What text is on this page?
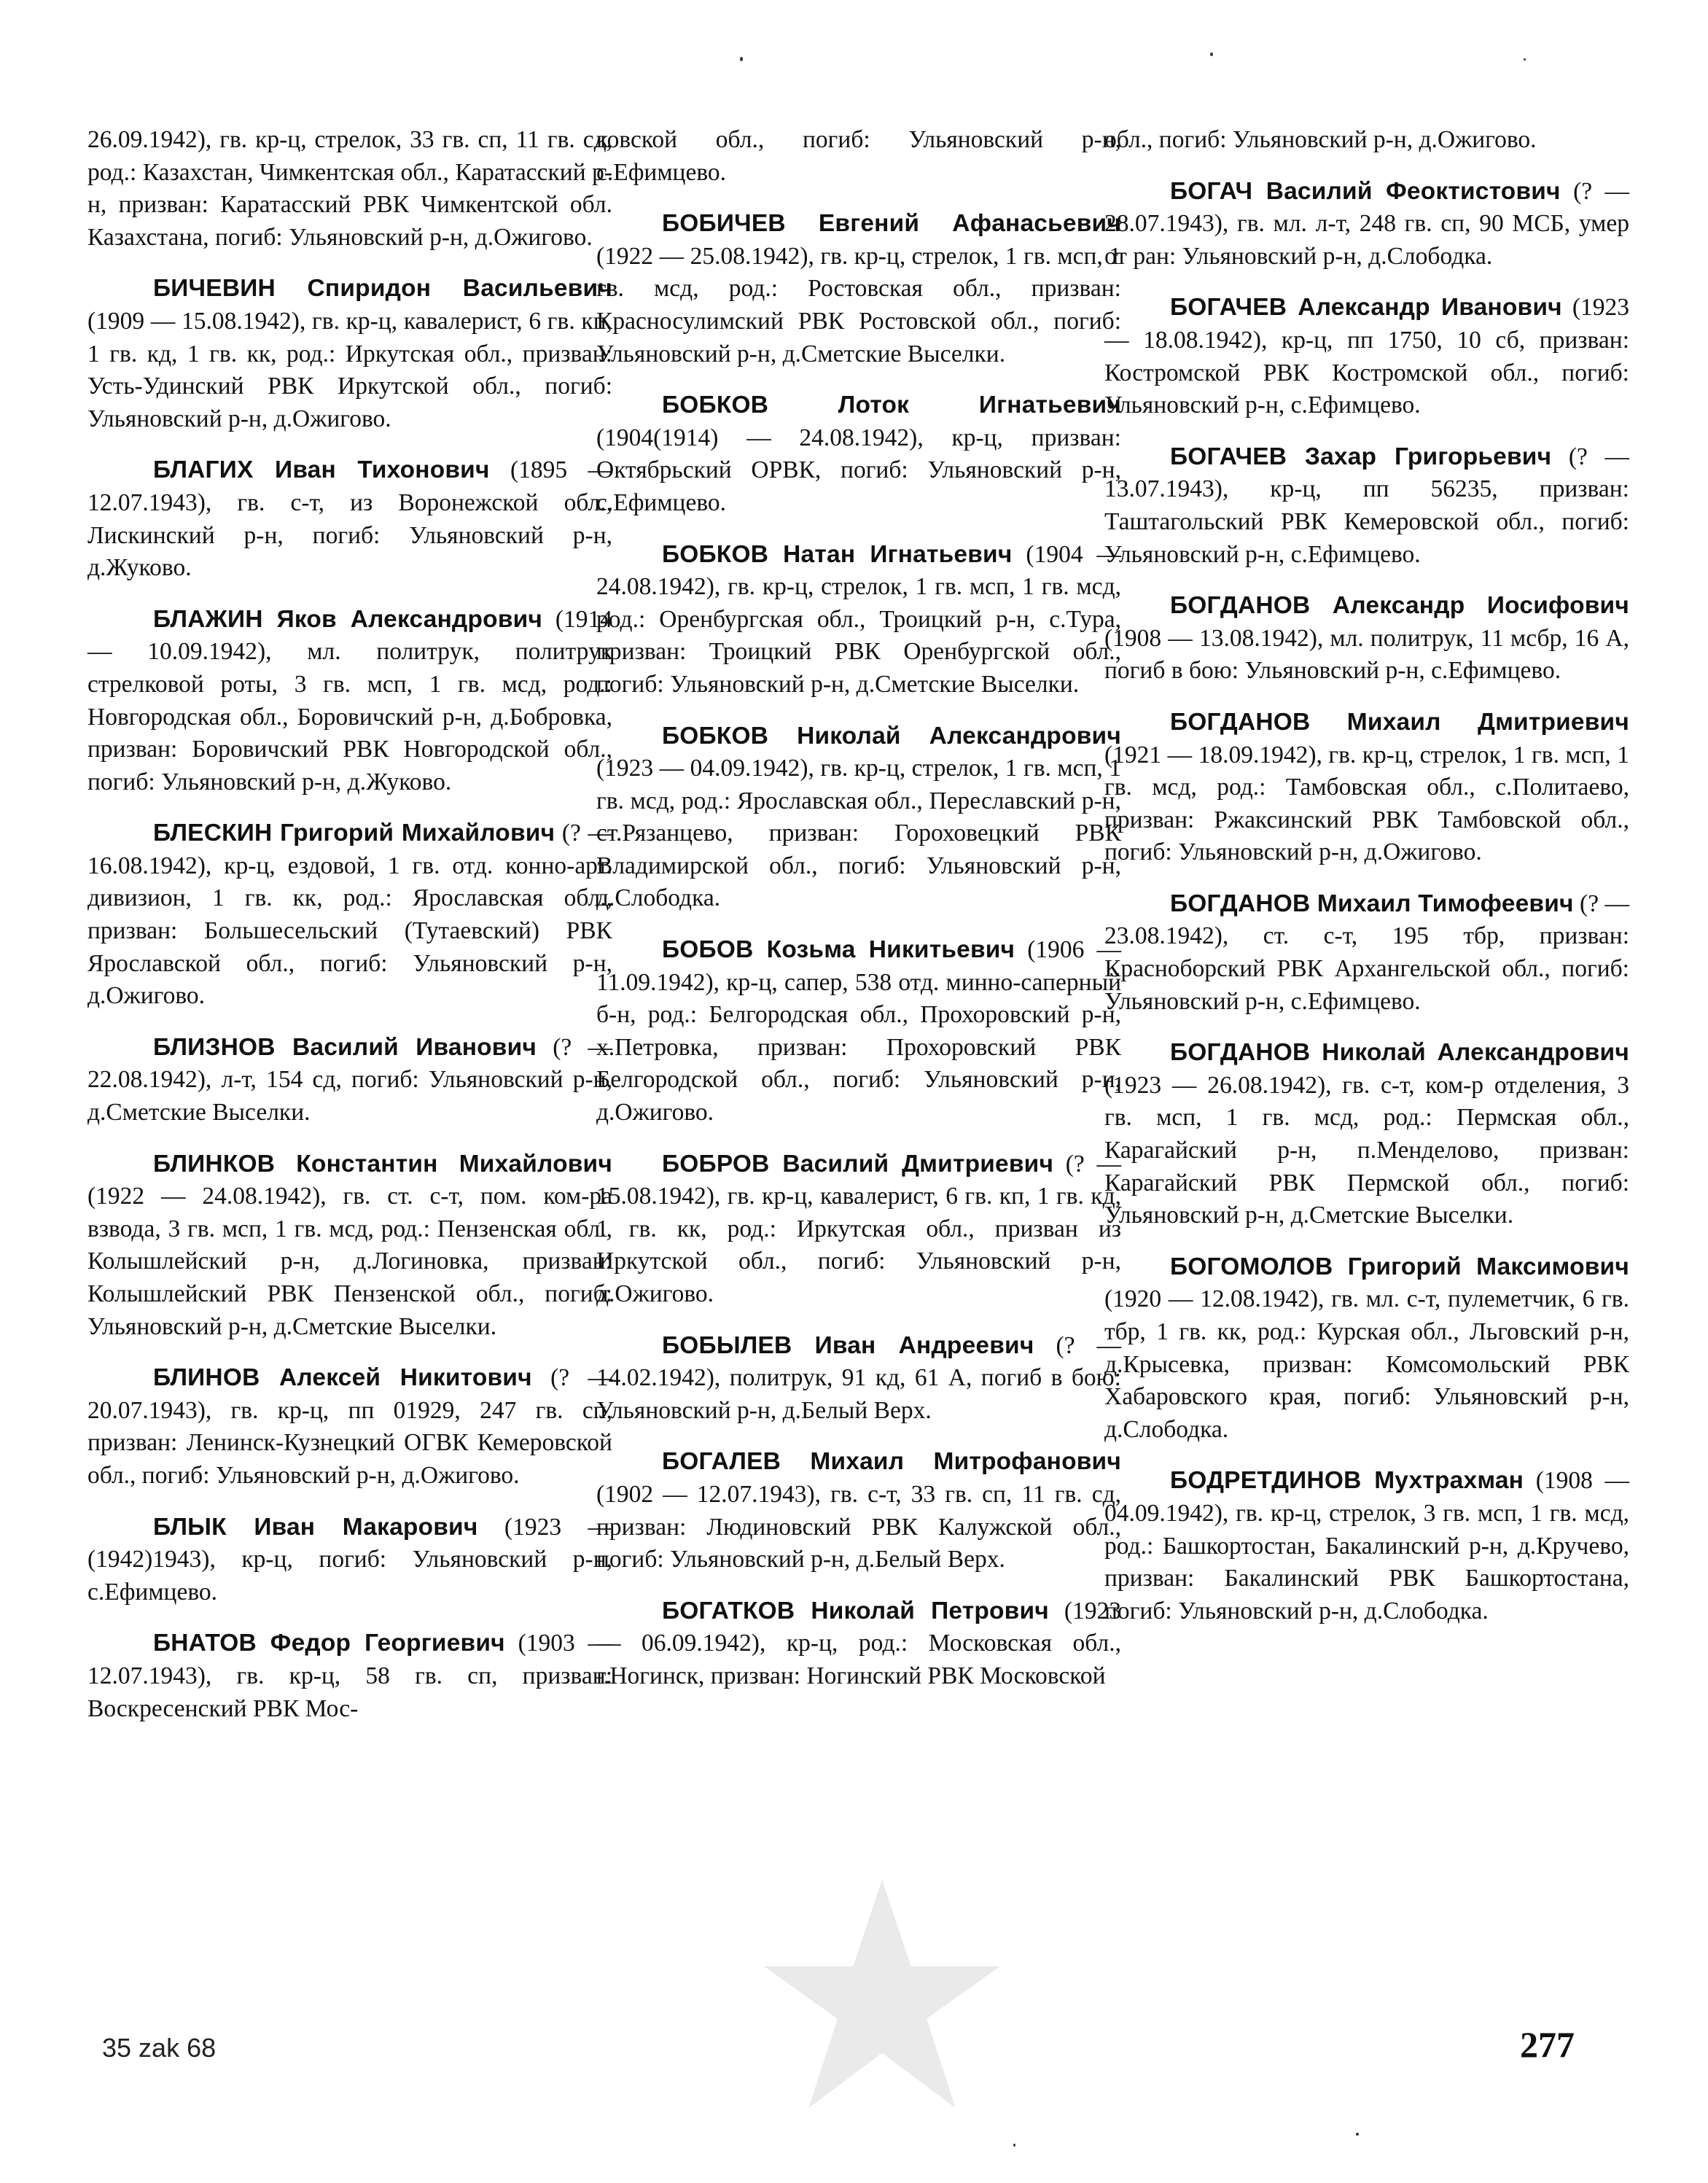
26.09.1942), гв. кр-ц, стрелок, 33 гв. сп, 11 гв. сд, род.: Казахстан, Чимкентская обл., Каратасский р-н, призван: Каратасский РВК Чимкентской обл. Казахстана, погиб: Ульяновский р-н, д.Ожигово.

БИЧЕВИН Спиридон Васильевич (1909 — 15.08.1942), гв. кр-ц, кавалерист, 6 гв. кп, 1 гв. кд, 1 гв. кк, род.: Иркутская обл., призван: Усть-Удинский РВК Иркутской обл., погиб: Ульяновский р-н, д.Ожигово.

БЛАГИХ Иван Тихонович (1895 — 12.07.1943), гв. с-т, из Воронежской обл., Лискинский р-н, погиб: Ульяновский р-н, д.Жуково.

БЛАЖИН Яков Александрович (1914 — 10.09.1942), мл. политрук, политрук стрелковой роты, 3 гв. мсп, 1 гв. мсд, род.: Новгородская обл., Боровичский р-н, д.Бобровка, призван: Боровичский РВК Новгородской обл., погиб: Ульяновский р-н, д.Жуково.

БЛЕСКИН Григорий Михайлович (? — 16.08.1942), кр-ц, ездовой, 1 гв. отд. конно-арт. дивизион, 1 гв. кк, род.: Ярославская обл., призван: Большесельский (Тутаевский) РВК Ярославской обл., погиб: Ульяновский р-н, д.Ожигово.

БЛИЗНОВ Василий Иванович (? — 22.08.1942), л-т, 154 сд, погиб: Ульяновский р-н, д.Сметские Выселки.

БЛИНКОВ Константин Михайлович (1922 — 24.08.1942), гв. ст. с-т, пом. ком-ра взвода, 3 гв. мсп, 1 гв. мсд, род.: Пензенская обл., Колышлейский р-н, д.Логиновка, призван: Колышлейский РВК Пензенской обл., погиб: Ульяновский р-н, д.Сметские Выселки.

БЛИНОВ Алексей Никитович (? — 20.07.1943), гв. кр-ц, пп 01929, 247 гв. сп, призван: Ленинск-Кузнецкий ОГВК Кемеровской обл., погиб: Ульяновский р-н, д.Ожигово.

БЛЫК Иван Макарович (1923 — (1942)1943), кр-ц, погиб: Ульяновский р-н, с.Ефимцево.

БНАТОВ Федор Георгиевич (1903 — 12.07.1943), гв. кр-ц, 58 гв. сп, призван: Воскресенский РВК Мос-

ковской обл., погиб: Ульяновский р-н, с.Ефимцево.

БОБИЧЕВ Евгений Афанасьевич (1922 — 25.08.1942), гв. кр-ц, стрелок, 1 гв. мсп, 1 гв. мсд, род.: Ростовская обл., призван: Красносулимский РВК Ростовской обл., погиб: Ульяновский р-н, д.Сметские Выселки.

БОБКОВ Лоток Игнатьевич (1904(1914) — 24.08.1942), кр-ц, призван: Октябрьский ОРВК, погиб: Ульяновский р-н, с.Ефимцево.

БОБКОВ Натан Игнатьевич (1904 — 24.08.1942), гв. кр-ц, стрелок, 1 гв. мсп, 1 гв. мсд, род.: Оренбургская обл., Троицкий р-н, с.Тура, призван: Троицкий РВК Оренбургской обл., погиб: Ульяновский р-н, д.Сметские Выселки.

БОБКОВ Николай Александрович (1923 — 04.09.1942), гв. кр-ц, стрелок, 1 гв. мсп, 1 гв. мсд, род.: Ярославская обл., Переславский р-н, ст.Рязанцево, призван: Гороховецкий РВК Владимирской обл., погиб: Ульяновский р-н, д.Слободка.

БОБОВ Козьма Никитьевич (1906 — 11.09.1942), кр-ц, сапер, 538 отд. минно-саперный б-н, род.: Белгородская обл., Прохоровский р-н, х.Петровка, призван: Прохоровский РВК Белгородской обл., погиб: Ульяновский р-н, д.Ожигово.

БОБРОВ Василий Дмитриевич (? — 15.08.1942), гв. кр-ц, кавалерист, 6 гв. кп, 1 гв. кд, 1 гв. кк, род.: Иркутская обл., призван из Иркутской обл., погиб: Ульяновский р-н, д.Ожигово.

БОБЫЛЕВ Иван Андреевич (? — 14.02.1942), политрук, 91 кд, 61 А, погиб в бою: Ульяновский р-н, д.Белый Верх.

БОГАЛЕВ Михаил Митрофанович (1902 — 12.07.1943), гв. с-т, 33 гв. сп, 11 гв. сд, призван: Людиновский РВК Калужской обл., погиб: Ульяновский р-н, д.Белый Верх.

БОГАТКОВ Николай Петрович (1923 — 06.09.1942), кр-ц, род.: Московская обл., г.Ногинск, призван: Ногинский РВК Московской

обл., погиб: Ульяновский р-н, д.Ожигово.

БОГАЧ Василий Феоктистович (? — 28.07.1943), гв. мл. л-т, 248 гв. сп, 90 МСБ, умер от ран: Ульяновский р-н, д.Слободка.

БОГАЧЕВ Александр Иванович (1923 — 18.08.1942), кр-ц, пп 1750, 10 сб, призван: Костромской РВК Костромской обл., погиб: Ульяновский р-н, с.Ефимцево.

БОГАЧЕВ Захар Григорьевич (? — 13.07.1943), кр-ц, пп 56235, призван: Таштагольский РВК Кемеровской обл., погиб: Ульяновский р-н, с.Ефимцево.

БОГДАНОВ Александр Иосифович (1908 — 13.08.1942), мл. политрук, 11 мсбр, 16 А, погиб в бою: Ульяновский р-н, с.Ефимцево.

БОГДАНОВ Михаил Дмитриевич (1921 — 18.09.1942), гв. кр-ц, стрелок, 1 гв. мсп, 1 гв. мсд, род.: Тамбовская обл., с.Политаево, призван: Ржаксинский РВК Тамбовской обл., погиб: Ульяновский р-н, д.Ожигово.

БОГДАНОВ Михаил Тимофеевич (? — 23.08.1942), ст. с-т, 195 тбр, призван: Красноборский РВК Архангельской обл., погиб: Ульяновский р-н, с.Ефимцево.

БОГДАНОВ Николай Александрович (1923 — 26.08.1942), гв. с-т, ком-р отделения, 3 гв. мсп, 1 гв. мсд, род.: Пермская обл., Карагайский р-н, п.Менделово, призван: Карагайский РВК Пермской обл., погиб: Ульяновский р-н, д.Сметские Выселки.

БОГОМОЛОВ Григорий Максимович (1920 — 12.08.1942), гв. мл. с-т, пулеметчик, 6 гв. тбр, 1 гв. кк, род.: Курская обл., Льговский р-н, д.Крысевка, призван: Комсомольский РВК Хабаровского края, погиб: Ульяновский р-н, д.Слободка.

БОДРЕТДИНОВ Мухтрахман (1908 — 04.09.1942), гв. кр-ц, стрелок, 3 гв. мсп, 1 гв. мсд, род.: Башкортостан, Бакалинский р-н, д.Кручево, призван: Бакалинский РВК Башкортостана, погиб: Ульяновский р-н, д.Слободка.

35 zak 68	277
